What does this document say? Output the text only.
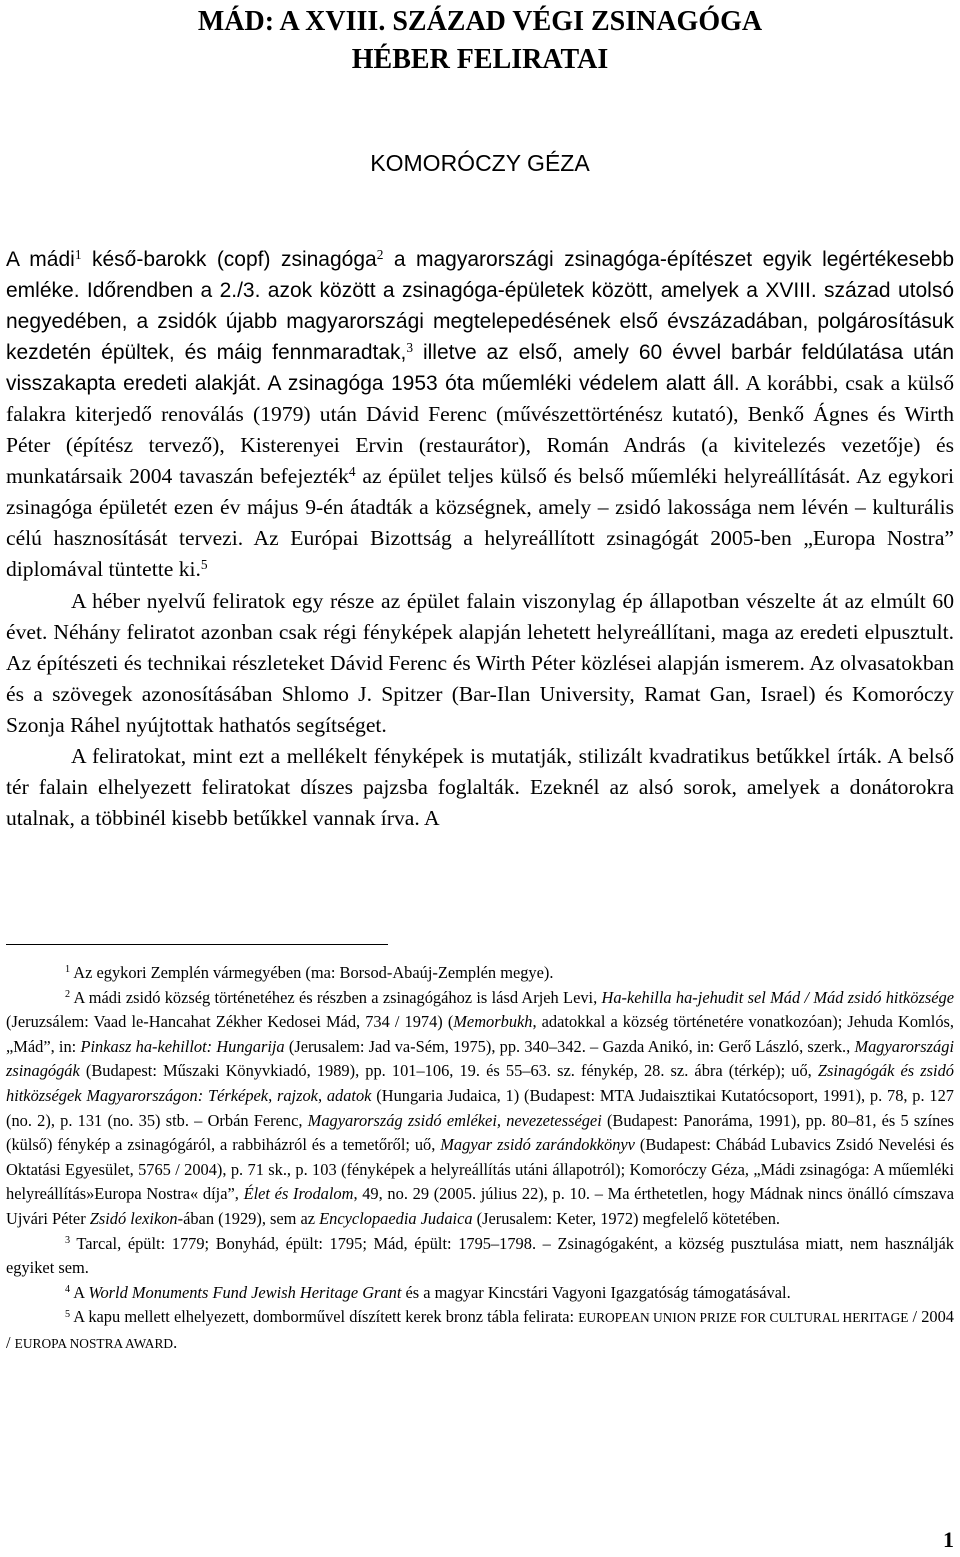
MÁD: A XVIII. SZÁZAD VÉGI ZSINAGÓGA
HÉBER FELIRATAI
KOMORÓCZY GÉZA

A mádi$^1$ késő-barokk (copf) zsinagóga$^2$ a magyarországi zsinagóga-építészet egyik legértékesebb emléke. Időrendben a 2./3. azok között a zsinagóga-épületek között, amelyek a XVIII. század utolsó negyedében, a zsidók újabb magyarországi megtelepedésének első évszázadában, polgárosításuk kezdetén épültek, és máig fennmaradtak,$^3$ illetve az első, amely 60 évvel barbár feldúlatása után visszakapta eredeti alakját. A zsinagóga 1953 óta műemléki védelem alatt áll. A korábbi, csak a külső falakra kiterjedő renoválás (1979) után Dávid Ferenc (művészettörténész kutató), Benkő Ágnes és Wirth Péter (építész tervező), Kisterenyei Ervin (restaurátor), Román András (a kivitelezés vezetője) és munkatársaik 2004 tavaszán befejezték$^4$ az épület teljes külső és belső műemléki helyreállítását. Az egykori zsinagóga épületét ezen év május 9-én átadták a községnek, amely – zsidó lakossága nem lévén – kulturális célú hasznosítását tervezi. Az Európai Bizottság a helyreállított zsinagógát 2005-ben „Europa Nostra” diplomával tüntette ki.$^5$

A héber nyelvű feliratok egy része az épület falain viszonylag ép állapotban vészelte át az elmúlt 60 évet. Néhány feliratot azonban csak régi fényképek alapján lehetett helyreállítani, maga az eredeti elpusztult. Az építészeti és technikai részleteket Dávid Ferenc és Wirth Péter közlései alapján ismerem. Az olvasatokban és a szövegek azonosításában Shlomo J. Spitzer (Bar-Ilan University, Ramat Gan, Israel) és Komoróczy Szonja Ráhel nyújtottak hathatós segítséget.

A feliratokat, mint ezt a mellékelt fényképek is mutatják, stilizált kvadratikus betűkkel írták. A belső tér falain elhelyezett feliratokat díszes pajzsba foglalták. Ezeknél az alsó sorok, amelyek a donátorokra utalnak, a többinél kisebb betűkkel vannak írva. A

$^1$ Az egykori Zemplén vármegyében (ma: Borsod-Abaúj-Zemplén megye).

$^2$ A mádi zsidó község történetéhez és részben a zsinagógához is lásd Arjeh Levi, Ha-kehilla ha-jehudit sel Mád / Mád zsidó hitközsége (Jeruzsálem: Vaad le-Hancahat Zékher Kedosei Mád, 734 / 1974) (Memorbukh, adatokkal a község történetére vonatkozóan); Jehuda Komlós, „Mád”, in: Pinkasz ha-kehillot: Hungarija (Jerusalem: Jad va-Sém, 1975), pp. 340–342. – Gazda Anikó, in: Gerő László, szerk., Magyarországi zsinagógák (Budapest: Műszaki Könyvkiadó, 1989), pp. 101–106, 19. és 55–63. sz. fénykép, 28. sz. ábra (térkép); uő, Zsinagógák és zsidó hitközségek Magyarországon: Térképek, rajzok, adatok (Hungaria Judaica, 1) (Budapest: MTA Judaisztikai Kutatócsoport, 1991), p. 78, p. 127 (no. 2), p. 131 (no. 35) stb. – Orbán Ferenc, Magyarország zsidó emlékei, nevezetességei (Budapest: Panoráma, 1991), pp. 80–81, és 5 színes (külső) fénykép a zsinagógáról, a rabbiházról és a temetőről; uő, Magyar zsidó zarándokkönyv (Budapest: Chábád Lubavics Zsidó Nevelési és Oktatási Egyesület, 5765 / 2004), p. 71 sk., p. 103 (fényképek a helyreállítás utáni állapotról); Komoróczy Géza, „Mádi zsinagóga: A műemléki helyreállítás»Europa Nostra« díja”, Élet és Irodalom, 49, no. 29 (2005. július 22), p. 10. – Ma érthetetlen, hogy Mádnak nincs önálló címszava Ujvári Péter Zsidó lexikon-ában (1929), sem az Encyclopaedia Judaica (Jerusalem: Keter, 1972) megfelelő kötetében.

$^3$ Tarcal, épült: 1779; Bonyhád, épült: 1795; Mád, épült: 1795–1798. – Zsinagógaként, a község pusztulása miatt, nem használják egyiket sem.

$^4$ A World Monuments Fund Jewish Heritage Grant és a magyar Kincstári Vagyoni Igazgatóság támogatásával.

$^5$ A kapu mellett elhelyezett, domborművel díszített kerek bronz tábla felirata: EUROPEAN UNION PRIZE FOR CULTURAL HERITAGE / 2004 / EUROPA NOSTRA AWARD.

1
